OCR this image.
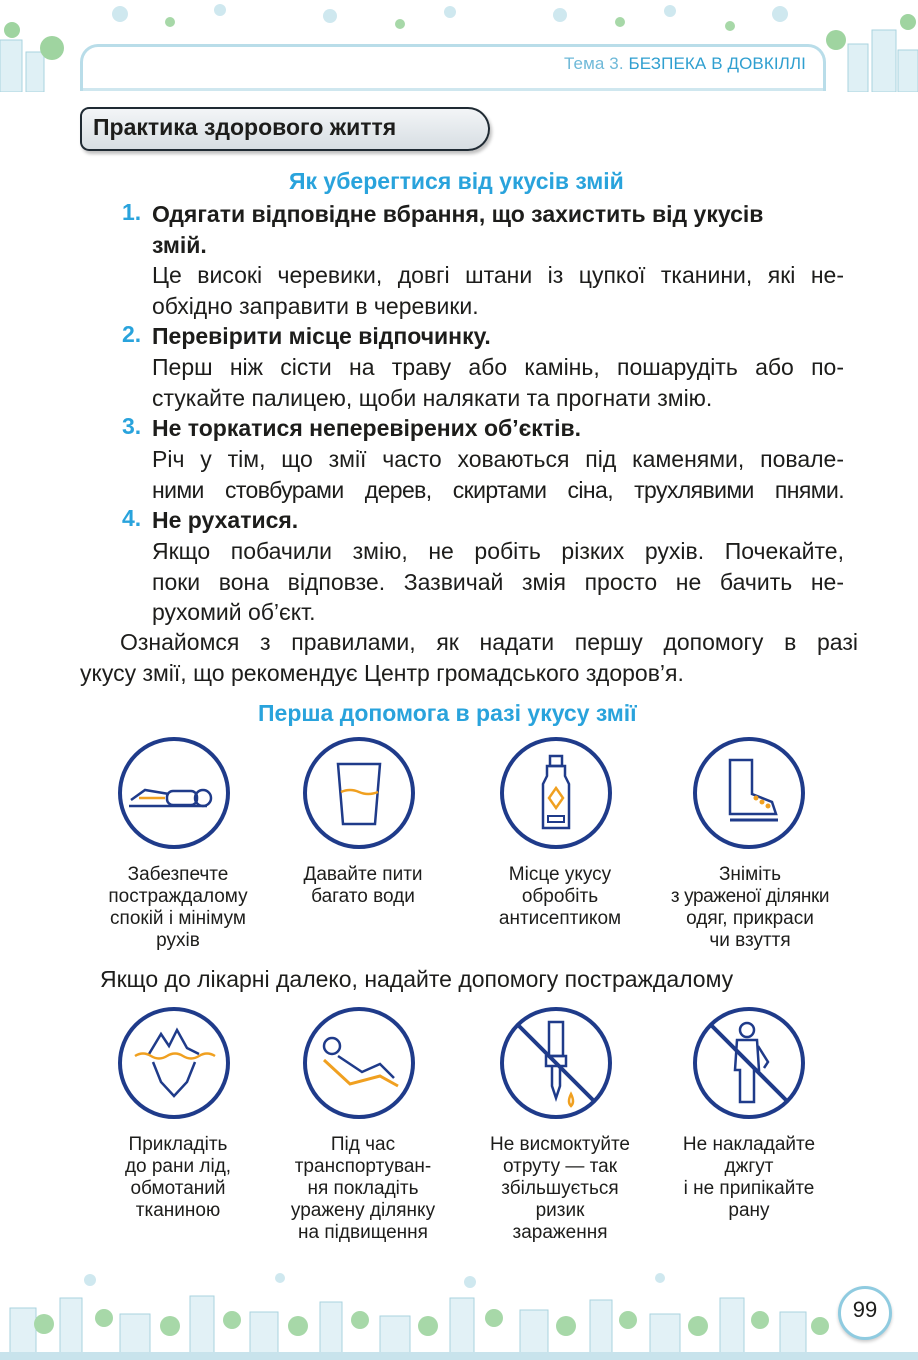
Тема 3. БЕЗПЕКА В ДОВКІЛЛІ
Практика здорового життя
Як уберегтися від укусів змій
1. Одягати відповідне вбрання, що захистить від укусів
змій.
Це високі черевики, довгі штани із цупкої тканини, які не-
обхідно заправити в черевики.
2. Перевірити місце відпочинку.
Перш ніж сісти на траву або камінь, пошарудіть або по-
стукайте палицею, щоби налякати та прогнати змію.
3. Не торкатися неперевірених об’єктів.
Річ у тім, що змії часто ховаються під каменями, повале-
ними стовбурами дерев, скиртами сіна, трухлявими пнями.
4. Не рухатися.
Якщо побачили змію, не робіть різких рухів. Почекайте,
поки вона відповзе. Зазвичай змія просто не бачить не-
рухомий об’єкт.
Ознайомся з правилами, як надати першу допомогу в разі
укусу змії, що рекомендує Центр громадського здоров’я.
Перша допомога в разі укусу змії
Забезпечте
постраждалому
спокій і мінімум
рухів
Давайте пити
багато води
Місце укусу
обробіть
антисептиком
Зніміть
з ураженої ділянки
одяг, прикраси
чи взуття
Якщо до лікарні далеко, надайте допомогу постраждалому
Прикладіть
до рани лід,
обмотаний
тканиною
Під час
транспортуван-
ня покладіть
уражену ділянку
на підвищення
Не висмоктуйте
отруту — так
збільшується
ризик
зараження
Не накладайте
джгут
і не припікайте
рану
99
